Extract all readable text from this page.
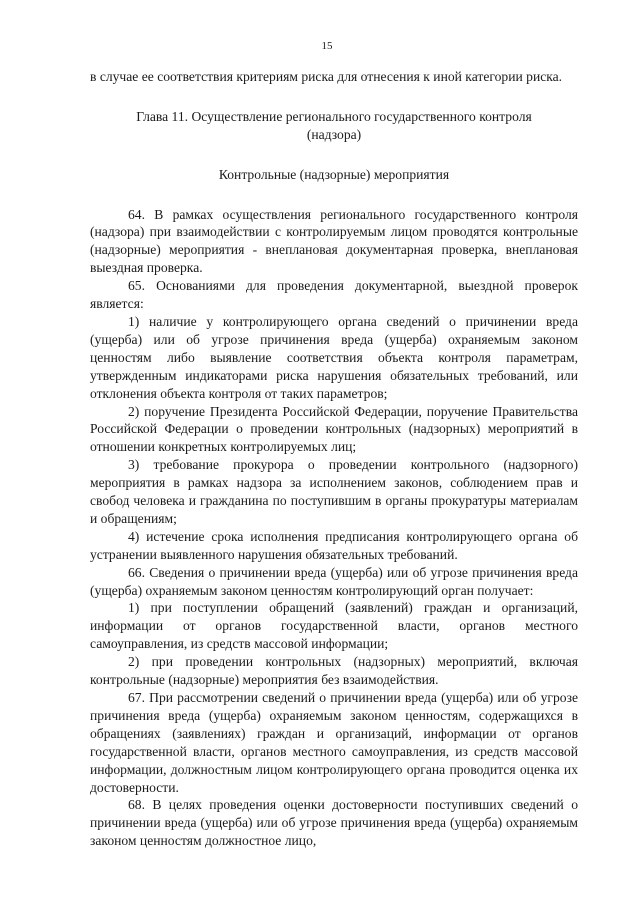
15

в случае ее соответствия критериям риска для отнесения к иной категории риска.

Глава 11. Осуществление регионального государственного контроля (надзора)
Контрольные (надзорные) мероприятия

64. В рамках осуществления регионального государственного контроля (надзора) при взаимодействии с контролируемым лицом проводятся контрольные (надзорные) мероприятия - внеплановая документарная проверка, внеплановая выездная проверка.

65. Основаниями для проведения документарной, выездной проверок является:

1) наличие у контролирующего органа сведений о причинении вреда (ущерба) или об угрозе причинения вреда (ущерба) охраняемым законом ценностям либо выявление соответствия объекта контроля параметрам, утвержденным индикаторами риска нарушения обязательных требований, или отклонения объекта контроля от таких параметров;

2) поручение Президента Российской Федерации, поручение Правительства Российской Федерации о проведении контрольных (надзорных) мероприятий в отношении конкретных контролируемых лиц;

3) требование прокурора о проведении контрольного (надзорного) мероприятия в рамках надзора за исполнением законов, соблюдением прав и свобод человека и гражданина по поступившим в органы прокуратуры материалам и обращениям;

4) истечение срока исполнения предписания контролирующего органа об устранении выявленного нарушения обязательных требований.

66. Сведения о причинении вреда (ущерба) или об угрозе причинения вреда (ущерба) охраняемым законом ценностям контролирующий орган получает:

1) при поступлении обращений (заявлений) граждан и организаций, информации от органов государственной власти, органов местного самоуправления, из средств массовой информации;

2) при проведении контрольных (надзорных) мероприятий, включая контрольные (надзорные) мероприятия без взаимодействия.

67. При рассмотрении сведений о причинении вреда (ущерба) или об угрозе причинения вреда (ущерба) охраняемым законом ценностям, содержащихся в обращениях (заявлениях) граждан и организаций, информации от органов государственной власти, органов местного самоуправления, из средств массовой информации, должностным лицом контролирующего органа проводится оценка их достоверности.

68. В целях проведения оценки достоверности поступивших сведений о причинении вреда (ущерба) или об угрозе причинения вреда (ущерба) охраняемым законом ценностям должностное лицо,
